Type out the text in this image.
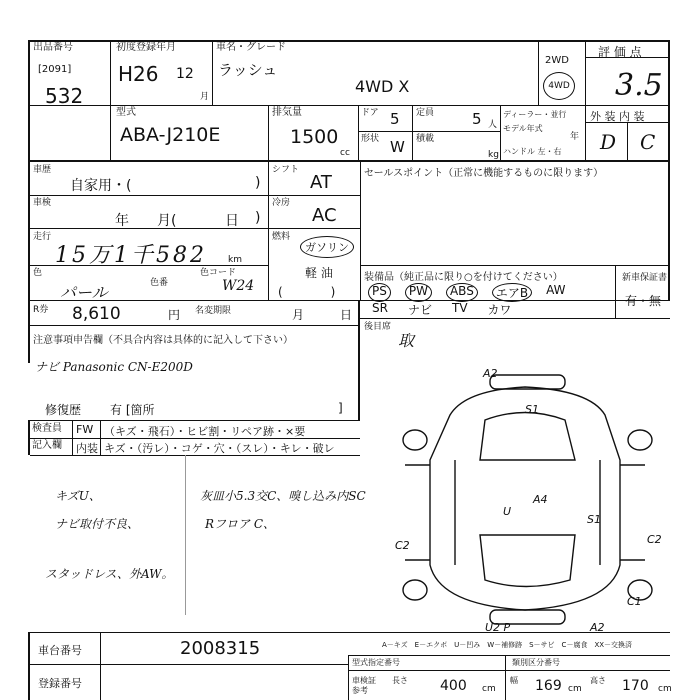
出品番号
[2091]
532
初度登録年月
H26 12
月
車名・グレード
ラッシュ
4WD X
2WD
4WD
評 価 点
3.5
型式
ABA-J210E
排気量
1500
cc
ドア 5
形状 W
定員	5 人
積載
kg
ディーラー・並行
モデル年式
年
ハンドル 左・右
外 装 内 装
D C
車歴
自家用・(	)
シフト
AT
車検
年　　月(	日 )
冷房
AC
走行
15万1千582 km
燃料
ガソリン
軽 油
(　　　　)
色
パール	色番
色コード
W24
R券 8,610	円 名変期限	月	日
注意事項申告欄（不具合内容は具体的に記入して下さい）
ナビ Panasonic CN-E200D
修復歴 有 [箇所	]
セールスポイント（正常に機能するものに限ります）
装備品（純正品に限り○を付けてください）
PS	PW	ABS	エアB	AW
SR ナビ TV カワ
新車保証書
有・無
後目席
取
検査員
記入欄
FW （キズ・飛石）・ヒビ割・リペア跡・×要
内装 キズ・（汚レ）・コゲ・穴・（スレ）・キレ・破レ
キズU、
ナビ取付不良、
スタッドレス、外AW。
灰皿小5.3交C、嗅し込み内SC
Rフロア C、
A2
S1
A4
U
S1
C2	C2
C1
U2 P	A2
A－キズ　E－エクボ　U－凹み　W－補修跡　S－サビ　C－腐食　XX－交換済
車台番号	2008315
登録番号
型式指定番号	類別区分番号
車検証参考
長さ 400 cm
幅 169 cm
高さ 170 cm
